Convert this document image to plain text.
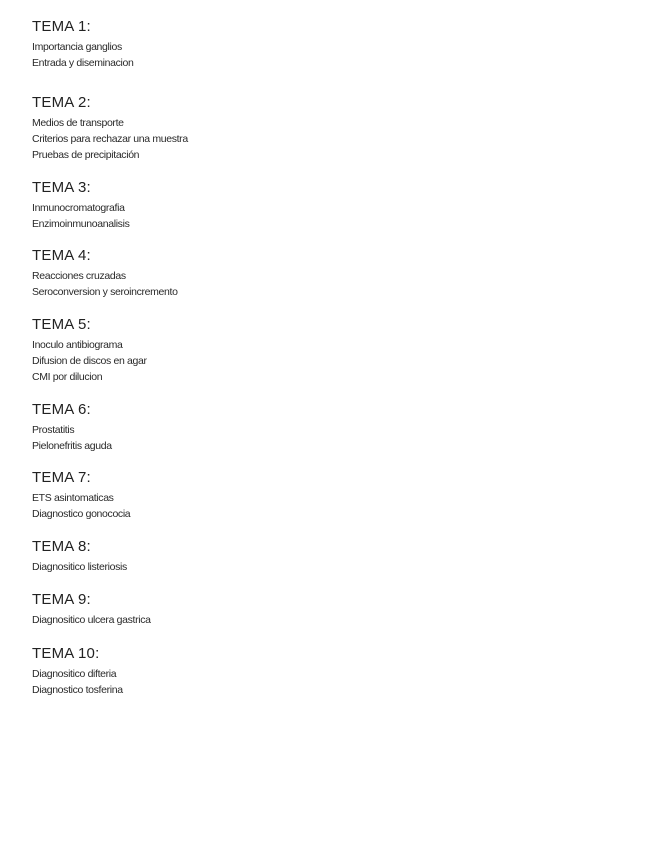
TEMA 1:
Importancia ganglios
Entrada y diseminacion
TEMA 2:
Medios de transporte
Criterios para rechazar una muestra
Pruebas de precipitación
TEMA 3:
Inmunocromatografia
Enzimoinmunoanalisis
TEMA 4:
Reacciones cruzadas
Seroconversion y seroincremento
TEMA 5:
Inoculo antibiograma
Difusion de discos en agar
CMI por dilucion
TEMA 6:
Prostatitis
Pielonefritis aguda
TEMA 7:
ETS asintomaticas
Diagnostico gonococia
TEMA 8:
Diagnositico listeriosis
TEMA 9:
Diagnositico ulcera gastrica
TEMA 10:
Diagnositico difteria
Diagnostico tosferina
